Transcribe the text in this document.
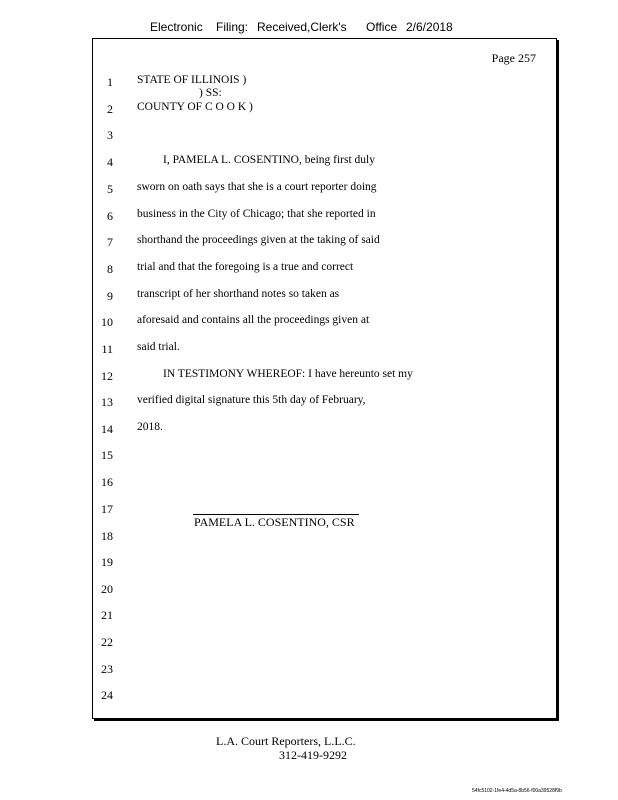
Electronic Filing: Received,Clerk's Office 2/6/2018
Page 257
1
2
3
4
5
6
7
8
9
10
11
12
13
14
15
16
17
18
19
20
21
22
23
24
STATE OF ILLINOIS )
) SS:
COUNTY OF C O O K )
I, PAMELA L. COSENTINO, being first duly
sworn on oath says that she is a court reporter doing
business in the City of Chicago; that she reported in
shorthand the proceedings given at the taking of said
trial and that the foregoing is a true and correct
transcript of her shorthand notes so taken as
aforesaid and contains all the proceedings given at
said trial.
IN TESTIMONY WHEREOF: I have hereunto set my
verified digital signature this 5th day of February,
2018.
PAMELA L. COSENTINO, CSR
L.A. Court Reporters, L.L.C.
312-419-9292
54fc5102-1fe4-4d5a-8b56-f00a39528f9b
